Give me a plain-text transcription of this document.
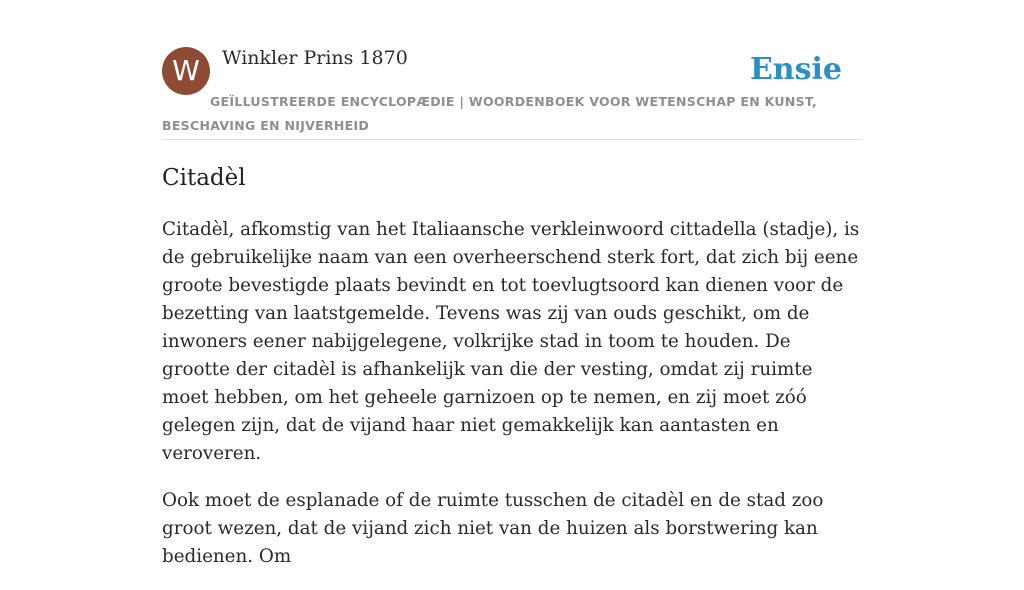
W	Winkler Prins 1870
GEÏLLUSTREERDE ENCYCLOPÆDIE | WOORDENBOEK VOOR WETENSCHAP EN KUNST, BESCHAVING EN NIJVERHEID
Ensie
Citadèl

Citadèl, afkomstig van het Italiaansche verkleinwoord cittadella (stadje), is de gebruikelijke naam van een overheerschend sterk fort, dat zich bij eene groote bevestigde plaats bevindt en tot toevlugtsoord kan dienen voor de bezetting van laatstgemelde. Tevens was zij van ouds geschikt, om de inwoners eener nabijgelegene, volkrijke stad in toom te houden. De grootte der citadèl is afhankelijk van die der vesting, omdat zij ruimte moet hebben, om het geheele garnizoen op te nemen, en zij moet zóó gelegen zijn, dat de vijand haar niet gemakkelijk kan aantasten en veroveren.

Ook moet de esplanade of de ruimte tusschen de citadèl en de stad zoo groot wezen, dat de vijand zich niet van de huizen als borstwering kan bedienen. Om
